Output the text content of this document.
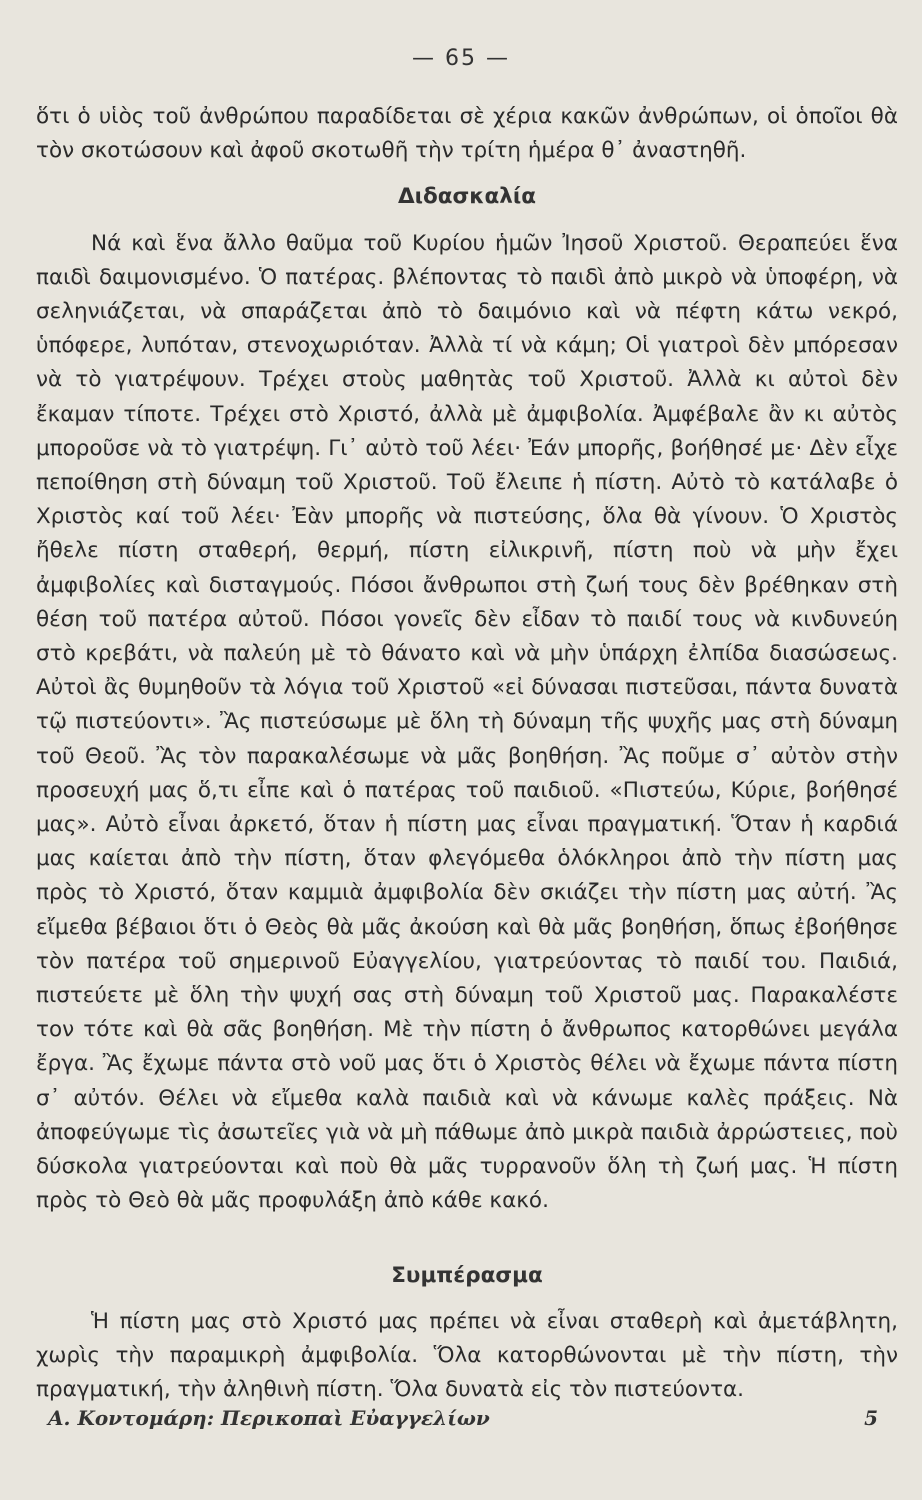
— 65 —

ὅτι ὁ υἱὸς τοῦ ἀνθρώπου παραδίδεται σὲ χέρια κακῶν ἀνθρώπων, οἱ ὁποῖοι θὰ τὸν σκοτώσουν καὶ ἀφοῦ σκοτωθῆ τὴν τρίτη ἡμέρα θ᾽ ἀναστηθῆ.

Διδασκαλία

Νά καὶ ἕνα ἄλλο θαῦμα τοῦ Κυρίου ἡμῶν Ἰησοῦ Χριστοῦ. Θεραπεύει ἕνα παιδὶ δαιμονισμένο. Ὁ πατέρας. βλέποντας τὸ παιδὶ ἀπὸ μικρὸ νὰ ὑποφέρη, νὰ σεληνιάζεται, νὰ σπαράζεται ἀπὸ τὸ δαιμόνιο καὶ νὰ πέφτη κάτω νεκρό, ὑπόφερε, λυπόταν, στενοχωριόταν. Ἀλλὰ τί νὰ κάμη; Οἱ γιατροὶ δὲν μπόρεσαν νὰ τὸ γιατρέψουν. Τρέχει στοὺς μαθητὰς τοῦ Χριστοῦ. Ἀλλὰ κι αὐτοὶ δὲν ἔκαμαν τίποτε. Τρέχει στὸ Χριστό, ἀλλὰ μὲ ἀμφιβολία. Ἀμφέβαλε ἂν κι αὐτὸς μποροῦσε νὰ τὸ γιατρέψη. Γι᾽ αὐτὸ τοῦ λέει· Ἐάν μπορῆς, βοήθησέ με· Δὲν εἶχε πεποίθηση στὴ δύναμη τοῦ Χριστοῦ. Τοῦ ἔλειπε ἡ πίστη. Αὐτὸ τὸ κατάλαβε ὁ Χριστὸς καί τοῦ λέει· Ἐὰν μπορῆς νὰ πιστεύσης, ὅλα θὰ γίνουν. Ὁ Χριστὸς ἤθελε πίστη σταθερή, θερμή, πίστη εἰλικρινῆ, πίστη ποὺ νὰ μὴν ἔχει ἀμφιβολίες καὶ δισταγμούς. Πόσοι ἄνθρωποι στὴ ζωή τους δὲν βρέθηκαν στὴ θέση τοῦ πατέρα αὐτοῦ. Πόσοι γονεῖς δὲν εἶδαν τὸ παιδί τους νὰ κινδυνεύη στὸ κρεβάτι, νὰ παλεύη μὲ τὸ θάνατο καὶ νὰ μὴν ὑπάρχη ἐλπίδα διασώσεως. Αὐτοὶ ἂς θυμηθοῦν τὰ λόγια τοῦ Χριστοῦ «εἰ δύνασαι πιστεῦσαι, πάντα δυνατὰ τῷ πιστεύοντι». Ἂς πιστεύσωμε μὲ ὅλη τὴ δύναμη τῆς ψυχῆς μας στὴ δύναμη τοῦ Θεοῦ. Ἂς τὸν παρακαλέσωμε νὰ μᾶς βοηθήση. Ἂς ποῦμε σ᾽ αὐτὸν στὴν προσευχή μας ὅ,τι εἶπε καὶ ὁ πατέρας τοῦ παιδιοῦ. «Πιστεύω, Κύριε, βοήθησέ μας». Αὐτὸ εἶναι ἀρκετό, ὅταν ἡ πίστη μας εἶναι πραγματική. Ὅταν ἡ καρδιά μας καίεται ἀπὸ τὴν πίστη, ὅταν φλεγόμεθα ὁλόκληροι ἀπὸ τὴν πίστη μας πρὸς τὸ Χριστό, ὅταν καμμιὰ ἀμφιβολία δὲν σκιάζει τὴν πίστη μας αὐτή. Ἂς εἴμεθα βέβαιοι ὅτι ὁ Θεὸς θὰ μᾶς ἀκούση καὶ θὰ μᾶς βοηθήση, ὅπως ἐβοήθησε τὸν πατέρα τοῦ σημερινοῦ Εὐαγγελίου, γιατρεύοντας τὸ παιδί του. Παιδιά, πιστεύετε μὲ ὅλη τὴν ψυχή σας στὴ δύναμη τοῦ Χριστοῦ μας. Παρακαλέστε τον τότε καὶ θὰ σᾶς βοηθήση. Μὲ τὴν πίστη ὁ ἄνθρωπος κατορθώνει μεγάλα ἔργα. Ἂς ἔχωμε πάντα στὸ νοῦ μας ὅτι ὁ Χριστὸς θέλει νὰ ἔχωμε πάντα πίστη σ᾽ αὐτόν. Θέλει νὰ εἴμεθα καλὰ παιδιὰ καὶ νὰ κάνωμε καλὲς πράξεις. Νὰ ἀποφεύγωμε τὶς ἀσωτεῖες γιὰ νὰ μὴ πάθωμε ἀπὸ μικρὰ παιδιὰ ἀρρώστειες, ποὺ δύσκολα γιατρεύονται καὶ ποὺ θὰ μᾶς τυρρανοῦν ὅλη τὴ ζωή μας. Ἡ πίστη πρὸς τὸ Θεὸ θὰ μᾶς προφυλάξη ἀπὸ κάθε κακό.

Συμπέρασμα

Ἡ πίστη μας στὸ Χριστό μας πρέπει νὰ εἶναι σταθερὴ καὶ ἀμετάβλητη, χωρὶς τὴν παραμικρὴ ἀμφιβολία. Ὅλα κατορθώνονται μὲ τὴν πίστη, τὴν πραγματική, τὴν ἀληθινὴ πίστη. Ὅλα δυνατὰ εἰς τὸν πιστεύοντα.

Α. Κοντομάρη: Περικοπαὶ Εὐαγγελίων	5
